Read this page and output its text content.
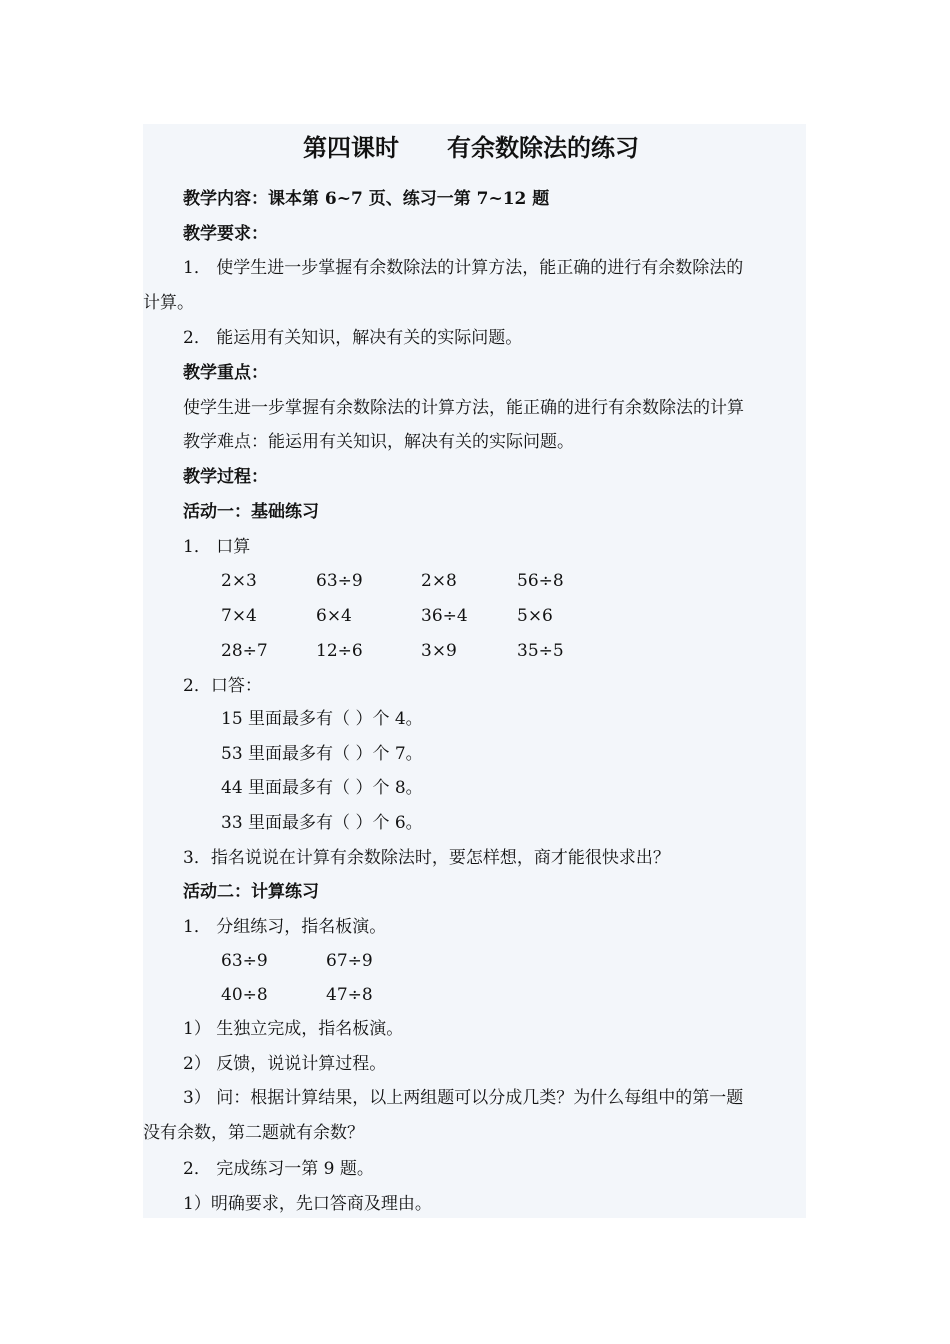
第四课时　　有余数除法的练习
教学内容：课本第 6~7 页、练习一第 7~12 题
教学要求：
1． 使学生进一步掌握有余数除法的计算方法，能正确的进行有余数除法的
计算。
2． 能运用有关知识，解决有关的实际问题。
教学重点：
使学生进一步掌握有余数除法的计算方法，能正确的进行有余数除法的计算
教学难点：能运用有关知识，解决有关的实际问题。
教学过程：
活动一：基础练习
1． 口算
2×3	63÷9	2×8	56÷8
7×4	6×4	36÷4	5×6
28÷7	12÷6	3×9	35÷5
2．口答：
15 里面最多有（ ）个 4。
53 里面最多有（ ）个 7。
44 里面最多有（ ）个 8。
33 里面最多有（ ）个 6。
3．指名说说在计算有余数除法时，要怎样想，商才能很快求出？
活动二：计算练习
1． 分组练习，指名板演。
63÷9	67÷9
40÷8	47÷8
1） 生独立完成，指名板演。
2） 反馈，说说计算过程。
3） 问：根据计算结果，以上两组题可以分成几类？为什么每组中的第一题
没有余数，第二题就有余数？
2． 完成练习一第 9 题。
1）明确要求，先口答商及理由。
